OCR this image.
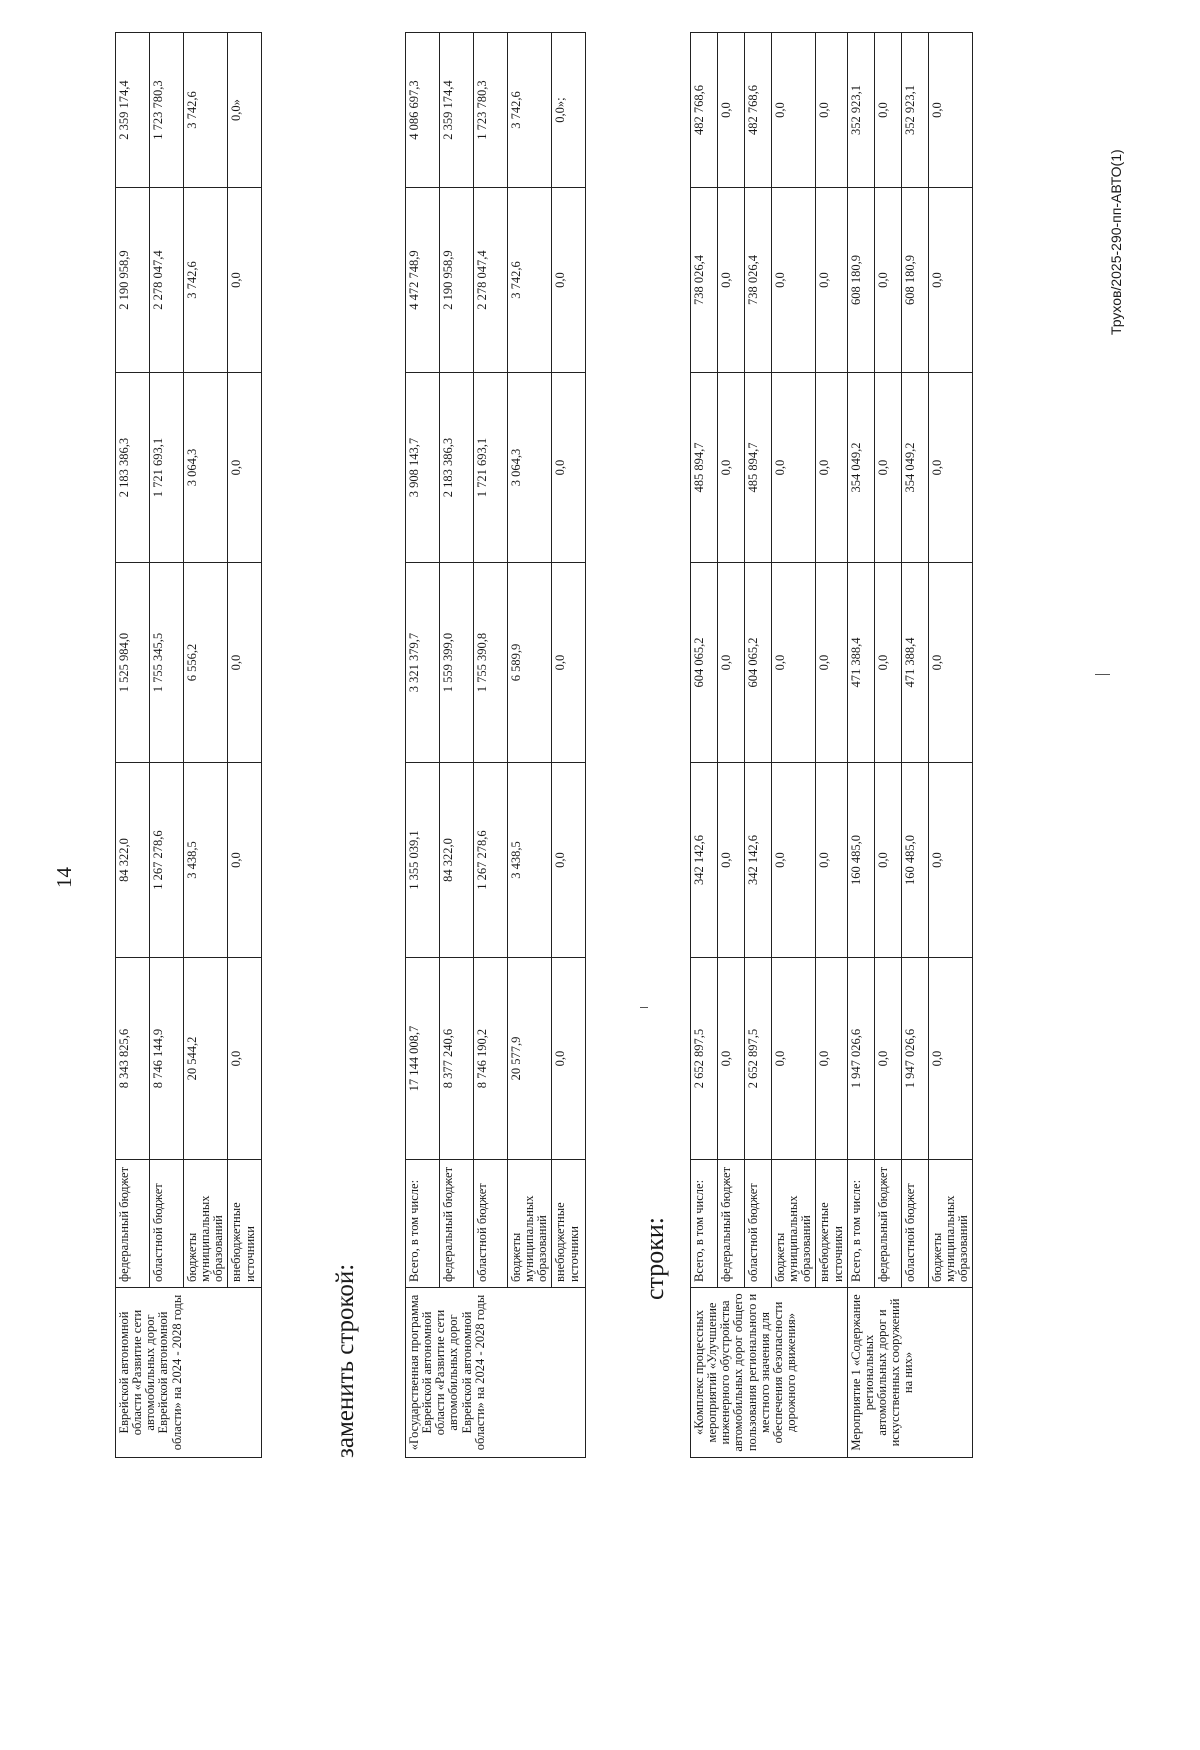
14
Еврейской автономной области «Развитие сети автомобильных дорог Еврейской автономной области» на 2024 - 2028 годы	федеральный бюджет	8 343 825,6	84 322,0	1 525 984,0	2 183 386,3	2 190 958,9	2 359 174,4
	областной бюджет	8 746 144,9	1 267 278,6	1 755 345,5	1 721 693,1	2 278 047,4	1 723 780,3
	бюджеты муниципальных образований	20 544,2	3 438,5	6 556,2	3 064,3	3 742,6	3 742,6
	внебюджетные источники	0,0	0,0	0,0	0,0	0,0	0,0»
заменить строкой:	«Государственная программа Еврейской автономной области «Развитие сети автомобильных дорог Еврейской автономной области» на 2024 - 2028 годы	Всего, в том числе:	17 144 008,7	1 355 039,1	3 321 379,7	3 908 143,7	4 472 748,9	4 086 697,3
	федеральный бюджет	8 377 240,6	84 322,0	1 559 399,0	2 183 386,3	2 190 958,9	2 359 174,4
	областной бюджет	8 746 190,2	1 267 278,6	1 755 390,8	1 721 693,1	2 278 047,4	1 723 780,3
	бюджеты муниципальных образований	20 577,9	3 438,5	6 589,9	3 064,3	3 742,6	3 742,6
	внебюджетные источники	0,0	0,0	0,0	0,0	0,0	0,0»;
строки:
«Комплекс процессных мероприятий «Улучшение инженерного обустройства автомобильных дорог общего пользования регионального и местного значения для обеспечения безопасности дорожного движения»	Всего, в том числе:	2 652 897,5	342 142,6	604 065,2	485 894,7	738 026,4	482 768,6
	федеральный бюджет	0,0	0,0	0,0	0,0	0,0	0,0
	областной бюджет	2 652 897,5	342 142,6	604 065,2	485 894,7	738 026,4	482 768,6
	бюджеты муниципальных образований	0,0	0,0	0,0	0,0	0,0	0,0
	внебюджетные источники	0,0	0,0	0,0	0,0	0,0	0,0
Мероприятие 1 «Содержание региональных автомобильных дорог и искусственных сооружений на них»	Всего, в том числе:	1 947 026,6	160 485,0	471 388,4	354 049,2	608 180,9	352 923,1
	федеральный бюджет	0,0	0,0	0,0	0,0	0,0	0,0
	областной бюджет	1 947 026,6	160 485,0	471 388,4	354 049,2	608 180,9	352 923,1
	бюджеты муниципальных образований	0,0	0,0	0,0	0,0	0,0	0,0
Трухов/2025-290-пп-АВТО(1)
